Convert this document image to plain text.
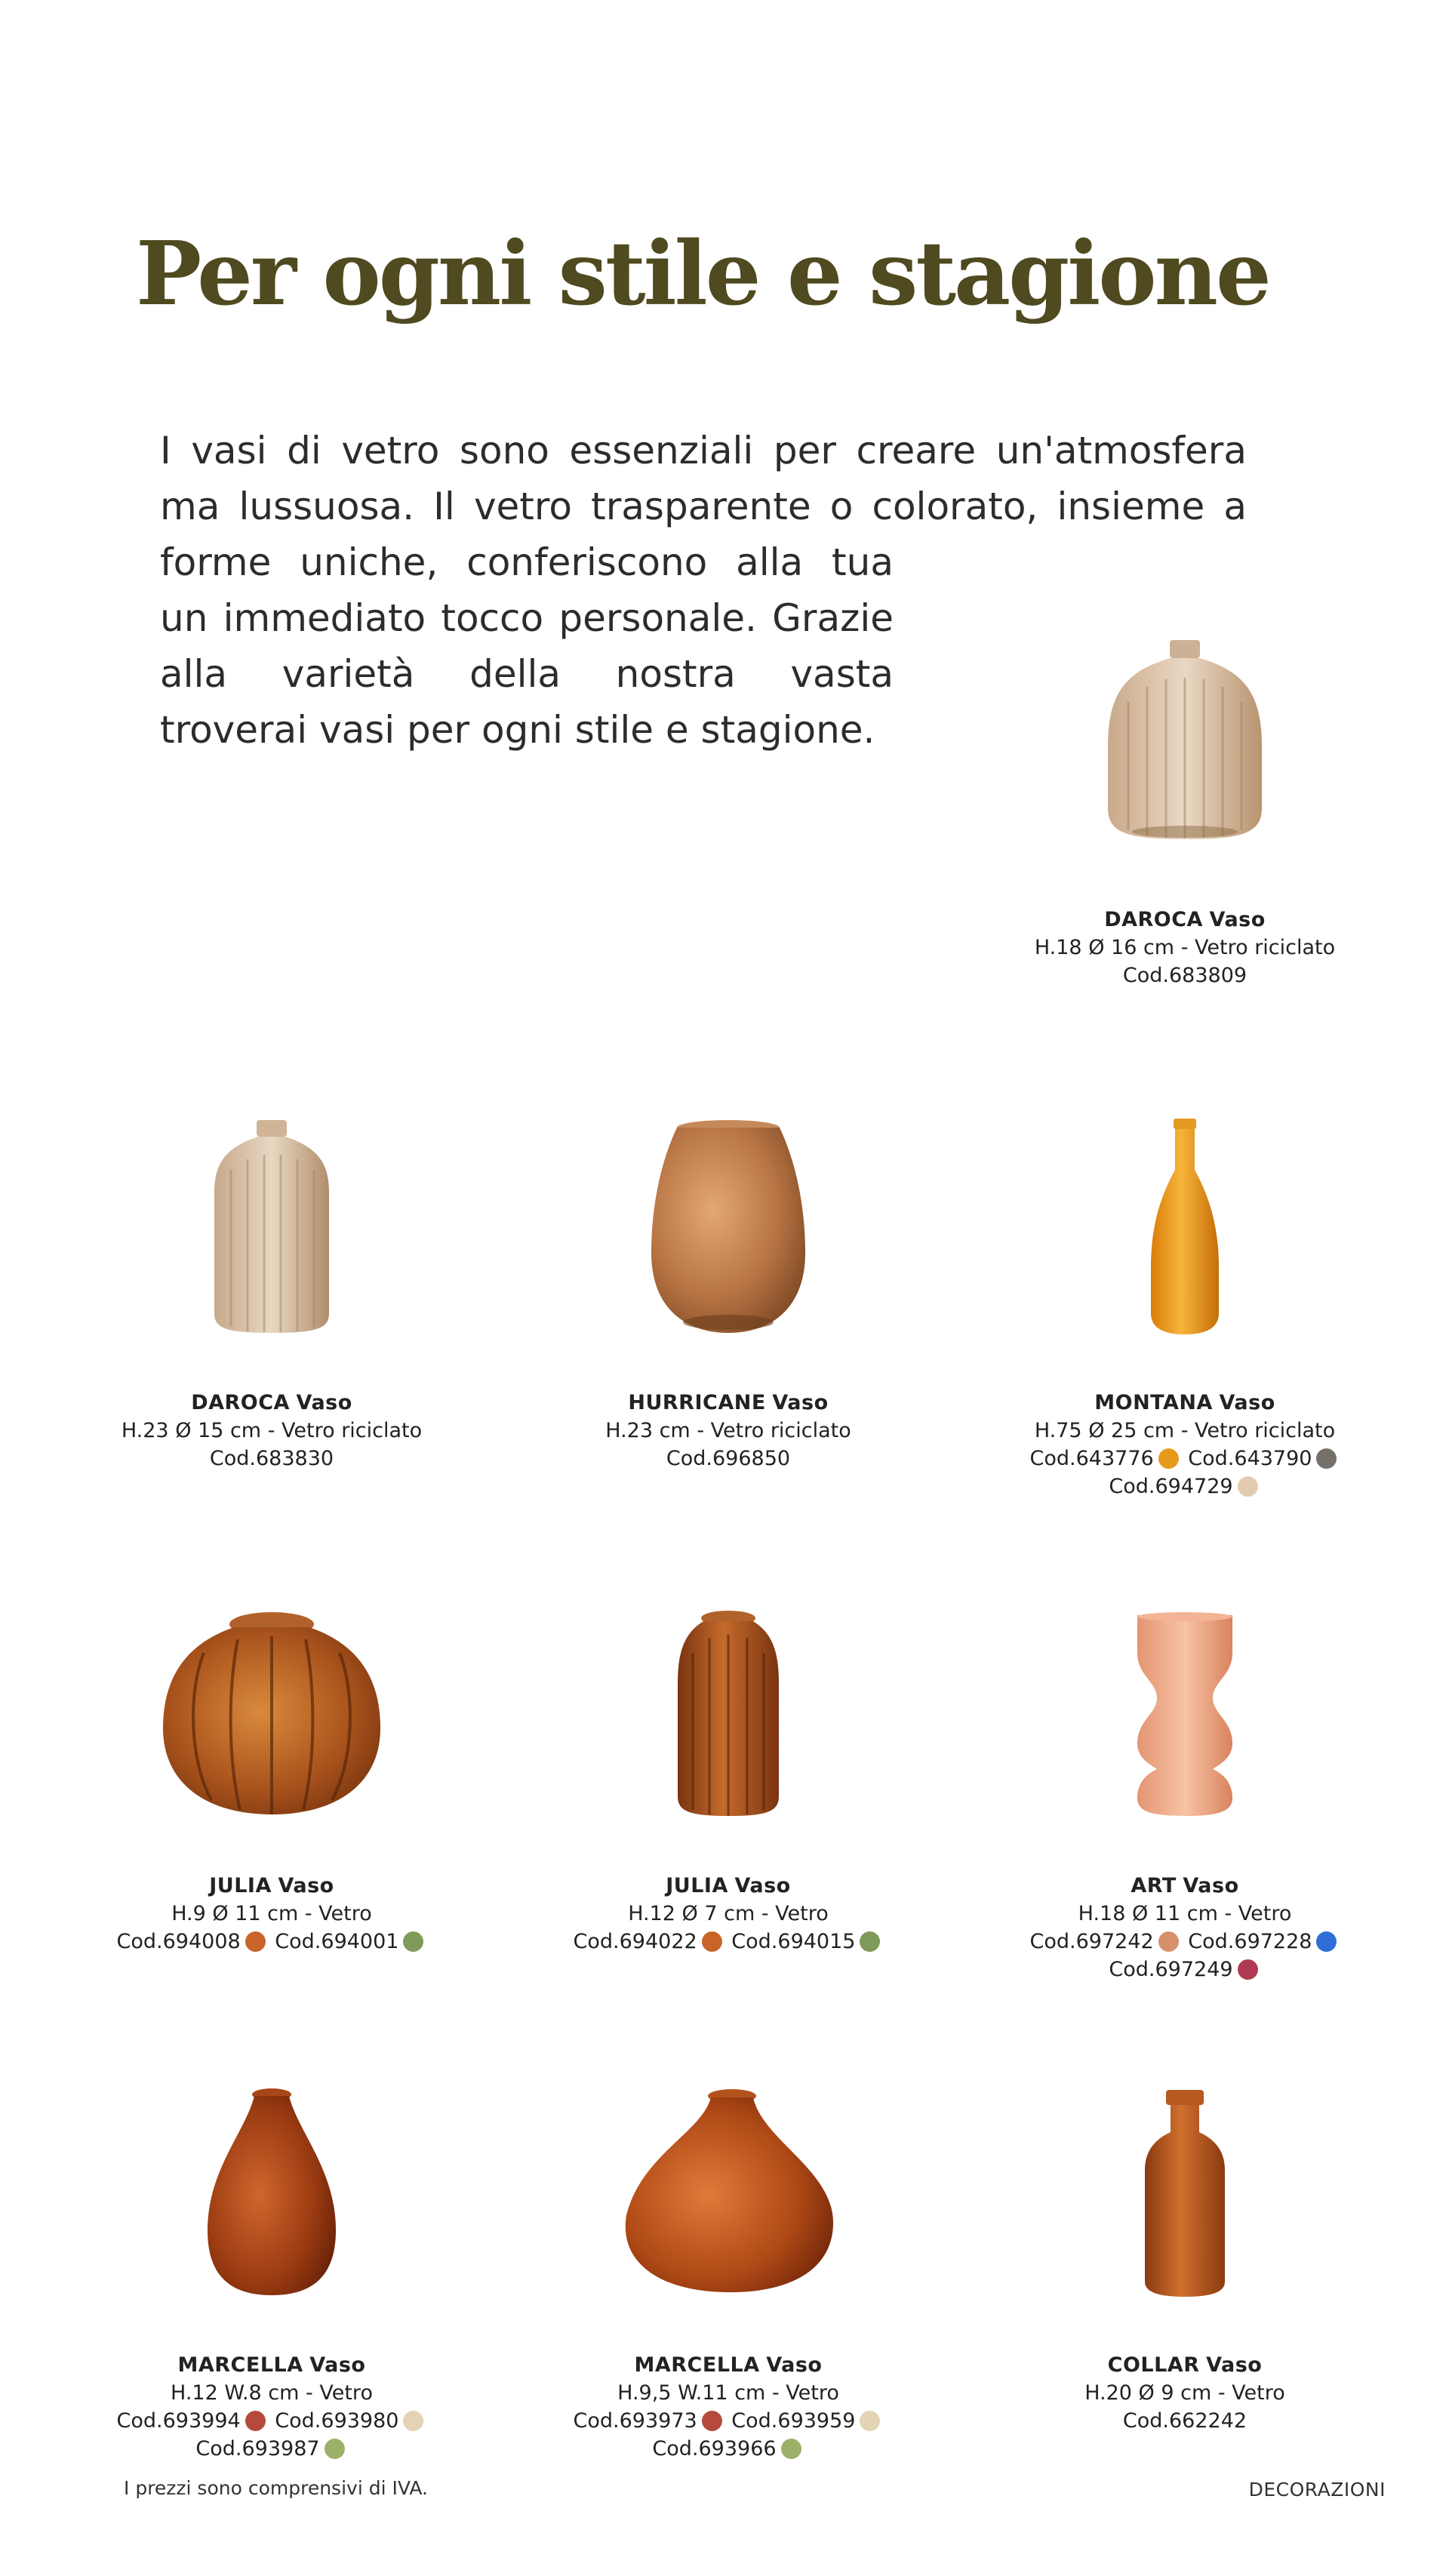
Per ogni stile e stagione
I vasi di vetro sono essenziali per creare un'atmosfera
ma lussuosa. Il vetro trasparente o colorato, insieme a
forme uniche, conferiscono alla tua
un immediato tocco personale. Grazie
alla varietà della nostra vasta
troverai vasi per ogni stile e stagione.
DAROCA Vaso
H.18 Ø 16 cm - Vetro riciclato
Cod.683809
DAROCA Vaso
H.23 Ø 15 cm - Vetro riciclato
Cod.683830
HURRICANE Vaso
H.23 cm - Vetro riciclato
Cod.696850
MONTANA Vaso
H.75 Ø 25 cm - Vetro riciclato
Cod.643776 Cod.643790
Cod.694729
JULIA Vaso
H.9 Ø 11 cm - Vetro
Cod.694008 Cod.694001
JULIA Vaso
H.12 Ø 7 cm - Vetro
Cod.694022 Cod.694015
ART Vaso
H.18 Ø 11 cm - Vetro
Cod.697242 Cod.697228
Cod.697249
MARCELLA Vaso
H.12 W.8 cm - Vetro
Cod.693994 Cod.693980
Cod.693987
MARCELLA Vaso
H.9,5 W.11 cm - Vetro
Cod.693973 Cod.693959
Cod.693966
COLLAR Vaso
H.20 Ø 9 cm - Vetro
Cod.662242
I prezzi sono comprensivi di IVA.	DECORAZIONI
